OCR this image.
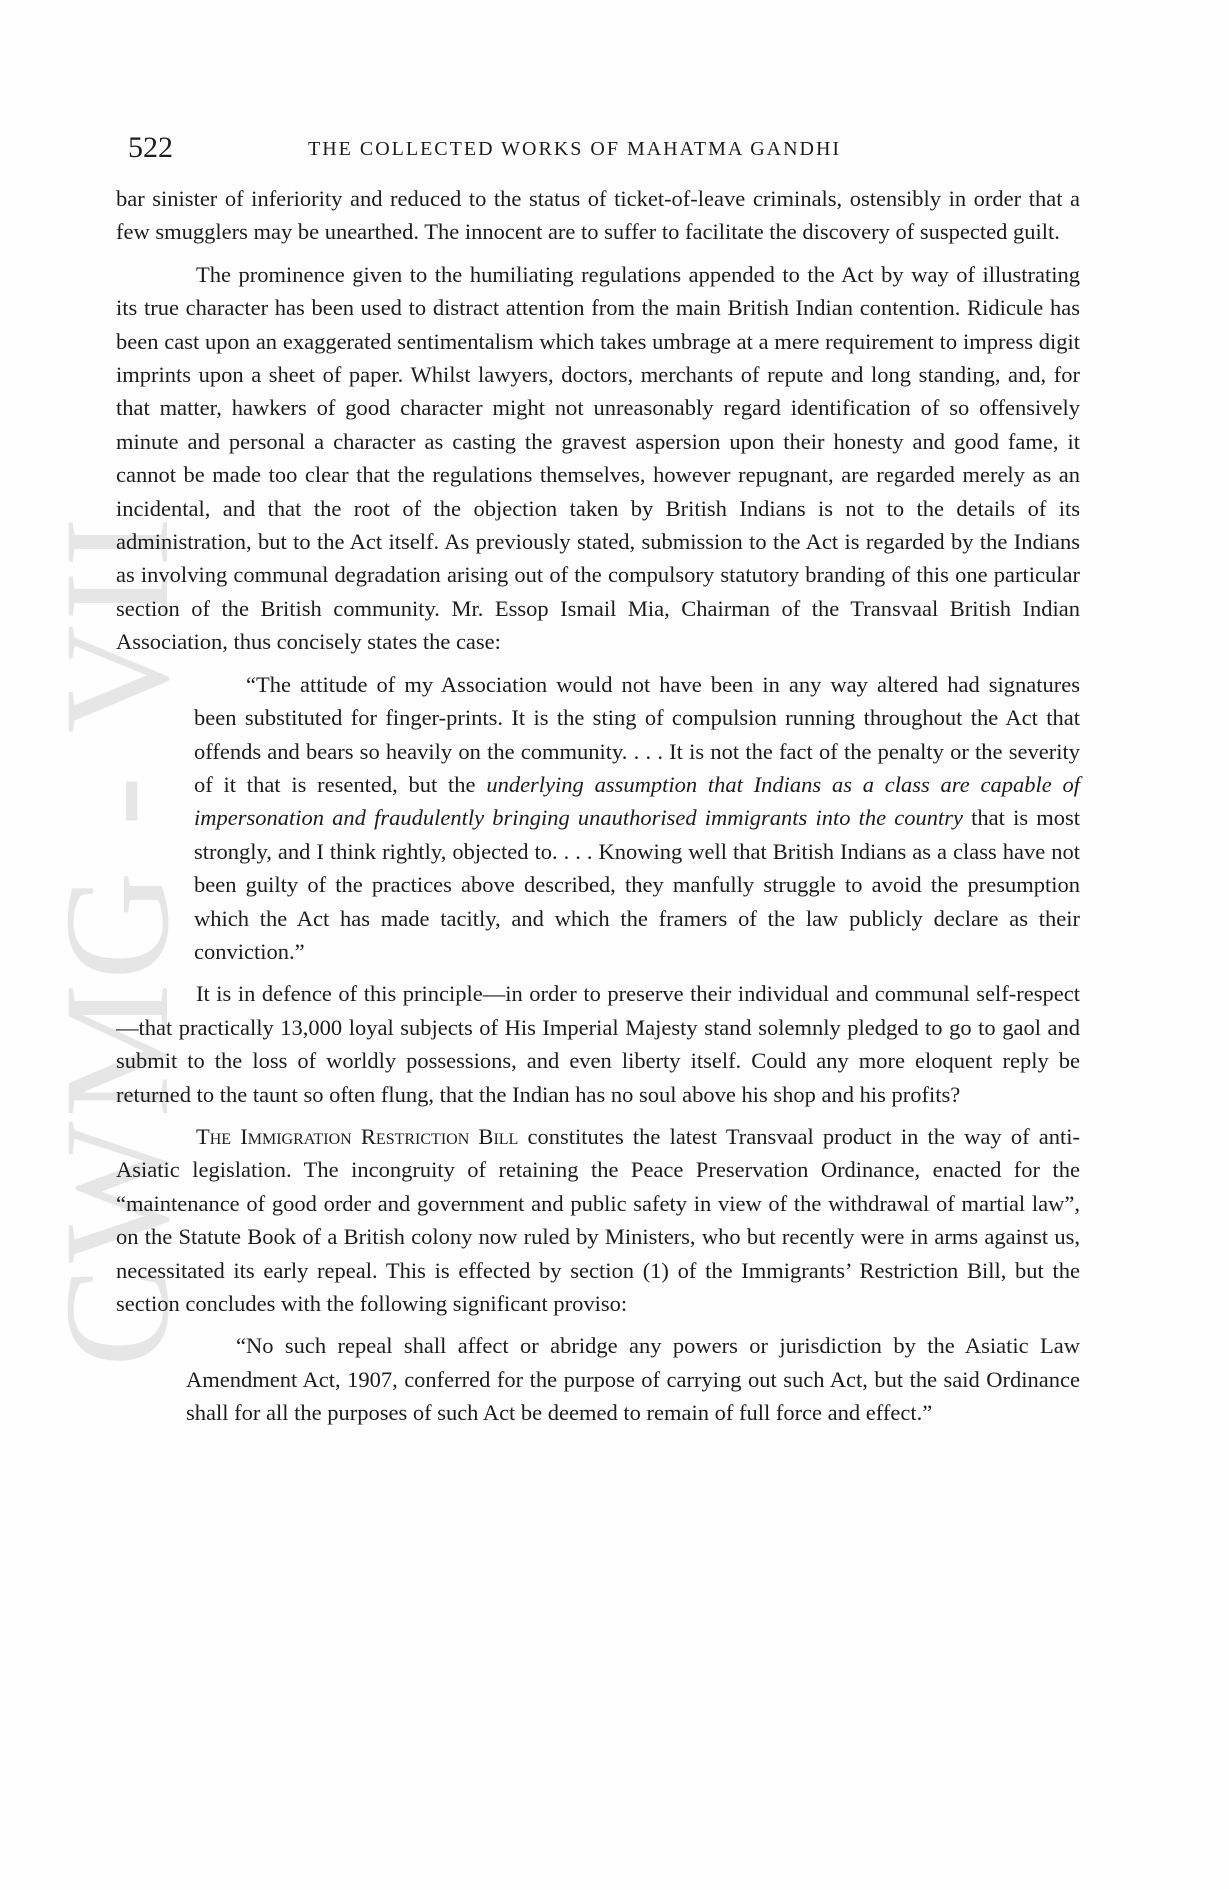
CWMG - VII
522	THE COLLECTED WORKS OF MAHATMA GANDHI

bar sinister of inferiority and reduced to the status of ticket-of-leave criminals, ostensibly in order that a few smugglers may be unearthed. The innocent are to suffer to facilitate the discovery of suspected guilt.

The prominence given to the humiliating regulations appended to the Act by way of illustrating its true character has been used to distract attention from the main British Indian contention. Ridicule has been cast upon an exaggerated sentimentalism which takes umbrage at a mere requirement to impress digit imprints upon a sheet of paper. Whilst lawyers, doctors, merchants of repute and long standing, and, for that matter, hawkers of good character might not unreasonably regard identification of so offensively minute and personal a character as casting the gravest aspersion upon their honesty and good fame, it cannot be made too clear that the regulations themselves, however repugnant, are regarded merely as an incidental, and that the root of the objection taken by British Indians is not to the details of its administration, but to the Act itself. As previously stated, submission to the Act is regarded by the Indians as involving communal degradation arising out of the compulsory statutory branding of this one particular section of the British community. Mr. Essop Ismail Mia, Chairman of the Transvaal British Indian Association, thus concisely states the case:

“The attitude of my Association would not have been in any way altered had signatures been substituted for finger-prints. It is the sting of compulsion running throughout the Act that offends and bears so heavily on the community. . . . It is not the fact of the penalty or the severity of it that is resented, but the underlying assumption that Indians as a class are capable of impersonation and fraudulently bringing unauthorised immigrants into the country that is most strongly, and I think rightly, objected to. . . . Knowing well that British Indians as a class have not been guilty of the practices above described, they manfully struggle to avoid the presumption which the Act has made tacitly, and which the framers of the law publicly declare as their conviction.”

It is in defence of this principle—in order to preserve their individual and communal self-respect—that practically 13,000 loyal subjects of His Imperial Majesty stand solemnly pledged to go to gaol and submit to the loss of worldly possessions, and even liberty itself. Could any more eloquent reply be returned to the taunt so often flung, that the Indian has no soul above his shop and his profits?

The Immigration Restriction Bill constitutes the latest Transvaal product in the way of anti-Asiatic legislation. The incongruity of retaining the Peace Preservation Ordinance, enacted for the “maintenance of good order and government and public safety in view of the withdrawal of martial law”, on the Statute Book of a British colony now ruled by Ministers, who but recently were in arms against us, necessitated its early repeal. This is effected by section (1) of the Immigrants’ Restriction Bill, but the section concludes with the following significant proviso:

“No such repeal shall affect or abridge any powers or jurisdiction by the Asiatic Law Amendment Act, 1907, conferred for the purpose of carrying out such Act, but the said Ordinance shall for all the purposes of such Act be deemed to remain of full force and effect.”
